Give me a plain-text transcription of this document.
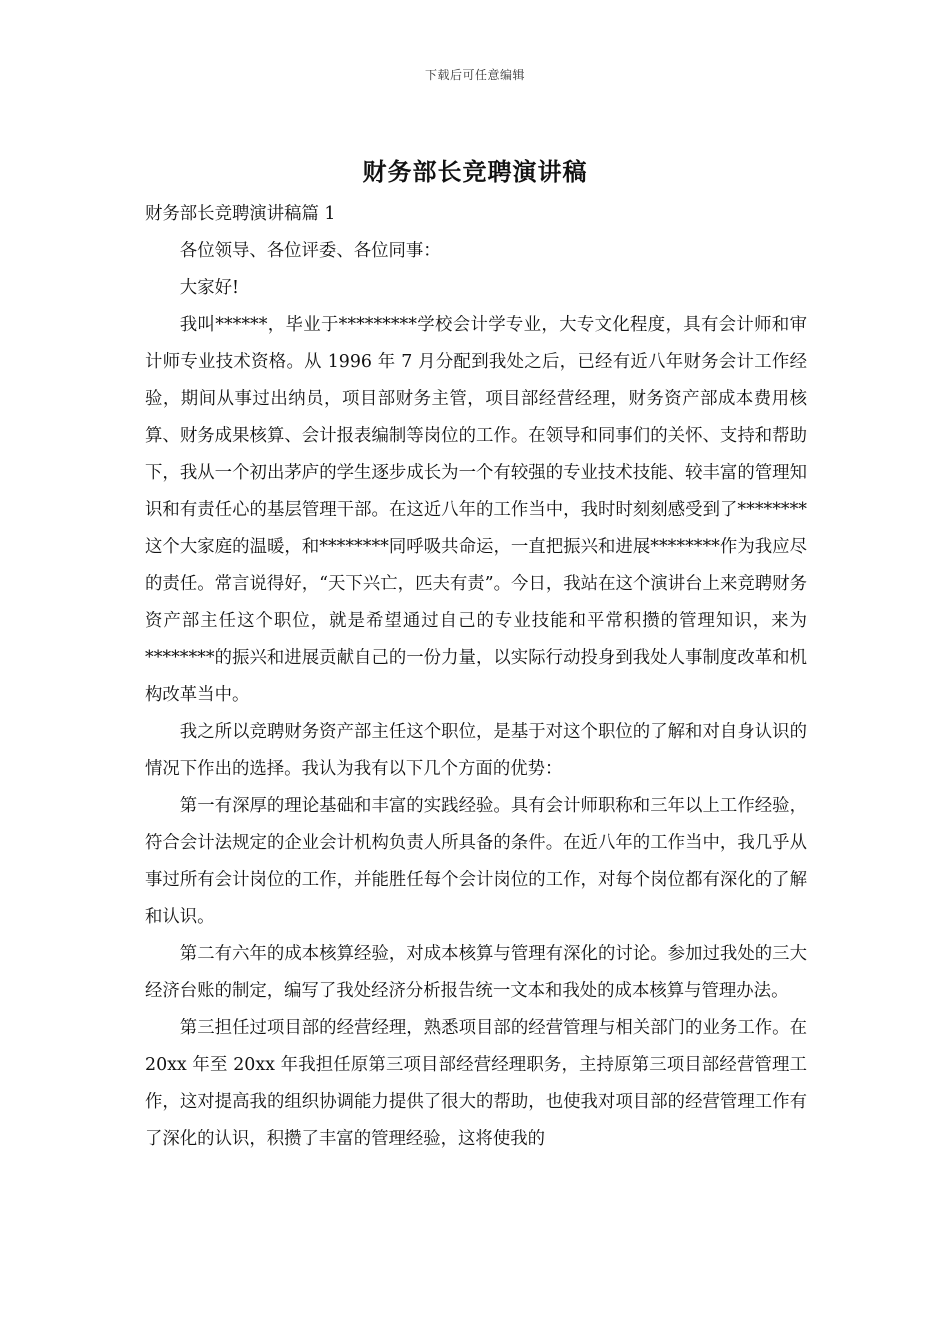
下载后可任意编辑
财务部长竞聘演讲稿

财务部长竞聘演讲稿篇 1

各位领导、各位评委、各位同事：

大家好!

我叫******，毕业于*********学校会计学专业，大专文化程度，具有会计师和审计师专业技术资格。从 1996 年 7 月分配到我处之后，已经有近八年财务会计工作经验，期间从事过出纳员，项目部财务主管，项目部经营经理，财务资产部成本费用核算、财务成果核算、会计报表编制等岗位的工作。在领导和同事们的关怀、支持和帮助下，我从一个初出茅庐的学生逐步成长为一个有较强的专业技术技能、较丰富的管理知识和有责任心的基层管理干部。在这近八年的工作当中，我时时刻刻感受到了********这个大家庭的温暖，和********同呼吸共命运，一直把振兴和进展********作为我应尽的责任。常言说得好，“天下兴亡，匹夫有责”。今日，我站在这个演讲台上来竞聘财务资产部主任这个职位，就是希望通过自己的专业技能和平常积攒的管理知识，来为********的振兴和进展贡献自己的一份力量，以实际行动投身到我处人事制度改革和机构改革当中。

我之所以竞聘财务资产部主任这个职位，是基于对这个职位的了解和对自身认识的情况下作出的选择。我认为我有以下几个方面的优势：

第一有深厚的理论基础和丰富的实践经验。具有会计师职称和三年以上工作经验，符合会计法规定的企业会计机构负责人所具备的条件。在近八年的工作当中，我几乎从事过所有会计岗位的工作，并能胜任每个会计岗位的工作，对每个岗位都有深化的了解和认识。

第二有六年的成本核算经验，对成本核算与管理有深化的讨论。参加过我处的三大经济台账的制定，编写了我处经济分析报告统一文本和我处的成本核算与管理办法。

第三担任过项目部的经营经理，熟悉项目部的经营管理与相关部门的业务工作。在 20xx 年至 20xx 年我担任原第三项目部经营经理职务，主持原第三项目部经营管理工作，这对提高我的组织协调能力提供了很大的帮助，也使我对项目部的经营管理工作有了深化的认识，积攒了丰富的管理经验，这将使我的
